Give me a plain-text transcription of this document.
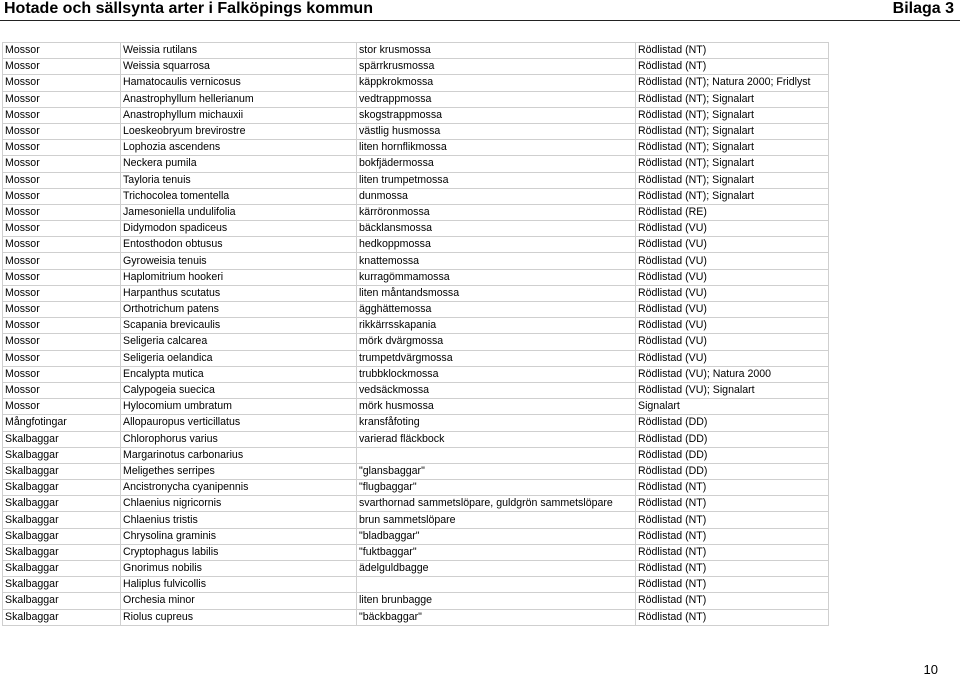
Hotade och sällsynta arter i Falköpings kommun	Bilaga 3
Mossor	Weissia rutilans	stor krusmossa	Rödlistad (NT)
Mossor	Weissia squarrosa	spärrkrusmossa	Rödlistad (NT)
Mossor	Hamatocaulis vernicosus	käppkrokmossa	Rödlistad (NT); Natura 2000; Fridlyst
Mossor	Anastrophyllum hellerianum	vedtrappmossa	Rödlistad (NT); Signalart
Mossor	Anastrophyllum michauxii	skogstrappmossa	Rödlistad (NT); Signalart
Mossor	Loeskeobryum brevirostre	västlig husmossa	Rödlistad (NT); Signalart
Mossor	Lophozia ascendens	liten hornflikmossa	Rödlistad (NT); Signalart
Mossor	Neckera pumila	bokfjädermossa	Rödlistad (NT); Signalart
Mossor	Tayloria tenuis	liten trumpetmossa	Rödlistad (NT); Signalart
Mossor	Trichocolea tomentella	dunmossa	Rödlistad (NT); Signalart
Mossor	Jamesoniella undulifolia	kärröronmossa	Rödlistad (RE)
Mossor	Didymodon spadiceus	bäcklansmossa	Rödlistad (VU)
Mossor	Entosthodon obtusus	hedkoppmossa	Rödlistad (VU)
Mossor	Gyroweisia tenuis	knattemossa	Rödlistad (VU)
Mossor	Haplomitrium hookeri	kurragömmamossa	Rödlistad (VU)
Mossor	Harpanthus scutatus	liten måntandsmossa	Rödlistad (VU)
Mossor	Orthotrichum patens	ägghättemossa	Rödlistad (VU)
Mossor	Scapania brevicaulis	rikkärrsskapania	Rödlistad (VU)
Mossor	Seligeria calcarea	mörk dvärgmossa	Rödlistad (VU)
Mossor	Seligeria oelandica	trumpetdvärgmossa	Rödlistad (VU)
Mossor	Encalypta mutica	trubbklockmossa	Rödlistad (VU); Natura 2000
Mossor	Calypogeia suecica	vedsäckmossa	Rödlistad (VU); Signalart
Mossor	Hylocomium umbratum	mörk husmossa	Signalart
Mångfotingar	Allopauropus verticillatus	kransfåfoting	Rödlistad (DD)
Skalbaggar	Chlorophorus varius	varierad fläckbock	Rödlistad (DD)
Skalbaggar	Margarinotus carbonarius		Rödlistad (DD)
Skalbaggar	Meligethes serripes	"glansbaggar"	Rödlistad (DD)
Skalbaggar	Ancistronycha cyanipennis	"flugbaggar"	Rödlistad (NT)
Skalbaggar	Chlaenius nigricornis	svarthornad sammetslöpare, guldgrön sammetslöpare	Rödlistad (NT)
Skalbaggar	Chlaenius tristis	brun sammetslöpare	Rödlistad (NT)
Skalbaggar	Chrysolina graminis	"bladbaggar"	Rödlistad (NT)
Skalbaggar	Cryptophagus labilis	"fuktbaggar"	Rödlistad (NT)
Skalbaggar	Gnorimus nobilis	ädelguldbagge	Rödlistad (NT)
Skalbaggar	Haliplus fulvicollis		Rödlistad (NT)
Skalbaggar	Orchesia minor	liten brunbagge	Rödlistad (NT)
Skalbaggar	Riolus cupreus	"bäckbaggar"	Rödlistad (NT)
10
